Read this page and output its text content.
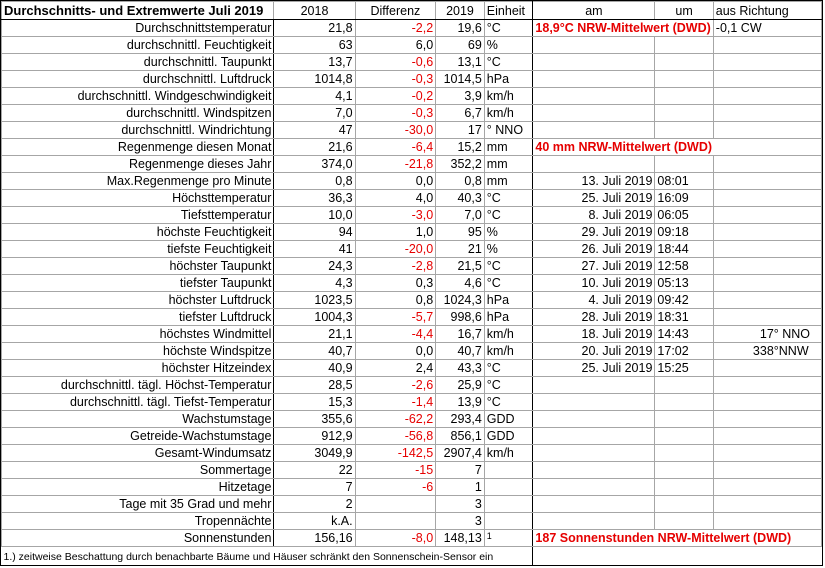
Durchschnitts- und Extremwerte Juli 2019	2018	Differenz	2019	Einheit	am	um	aus Richtung
Durchschnittstemperatur	21,8	-2,2	19,6	°C	18,9°C NRW-Mittelwert (DWD)		-0,1 CW
durchschnittl. Feuchtigkeit	63	6,0	69	%			
durchschnittl. Taupunkt	13,7	-0,6	13,1	°C			
durchschnittl. Luftdruck	1014,8	-0,3	1014,5	hPa			
durchschnittl. Windgeschwindigkeit	4,1	-0,2	3,9	km/h			
durchschnittl. Windspitzen	7,0	-0,3	6,7	km/h			
durchschnittl. Windrichtung	47	-30,0	17	° NNO			
Regenmenge diesen Monat	21,6	-6,4	15,2	mm	40 mm NRW-Mittelwert (DWD)		
Regenmenge dieses Jahr	374,0	-21,8	352,2	mm			
Max.Regenmenge pro Minute	0,8	0,0	0,8	mm	13. Juli 2019	08:01	
Höchsttemperatur	36,3	4,0	40,3	°C	25. Juli 2019	16:09	
Tiefsttemperatur	10,0	-3,0	7,0	°C	8. Juli 2019	06:05	
höchste Feuchtigkeit	94	1,0	95	%	29. Juli 2019	09:18	
tiefste Feuchtigkeit	41	-20,0	21	%	26. Juli 2019	18:44	
höchster Taupunkt	24,3	-2,8	21,5	°C	27. Juli 2019	12:58	
tiefster Taupunkt	4,3	0,3	4,6	°C	10. Juli 2019	05:13	
höchster Luftdruck	1023,5	0,8	1024,3	hPa	4. Juli 2019	09:42	
tiefster Luftdruck	1004,3	-5,7	998,6	hPa	28. Juli 2019	18:31	
höchstes Windmittel	21,1	-4,4	16,7	km/h	18. Juli 2019	14:43	17° NNO
höchste Windspitze	40,7	0,0	40,7	km/h	20. Juli 2019	17:02	338°NNW
höchster Hitzeindex	40,9	2,4	43,3	°C	25. Juli 2019	15:25	
durchschnittl. tägl. Höchst-Temperatur	28,5	-2,6	25,9	°C			
durchschnittl. tägl. Tiefst-Temperatur	15,3	-1,4	13,9	°C			
Wachstumstage	355,6	-62,2	293,4	GDD			
Getreide-Wachstumstage	912,9	-56,8	856,1	GDD			
Gesamt-Windumsatz	3049,9	-142,5	2907,4	km/h			
Sommertage	22	-15	7				
Hitzetage	7	-6	1				
Tage mit 35 Grad und mehr	2		3				
Tropennächte	k.A.		3				
Sonnenstunden	156,16	-8,0	148,13	$^1$	187 Sonnenstunden NRW-Mittelwert (DWD)		
1.) zeitweise Beschattung durch benachbarte Bäume und Häuser schränkt den Sonnenschein-Sensor ein							
